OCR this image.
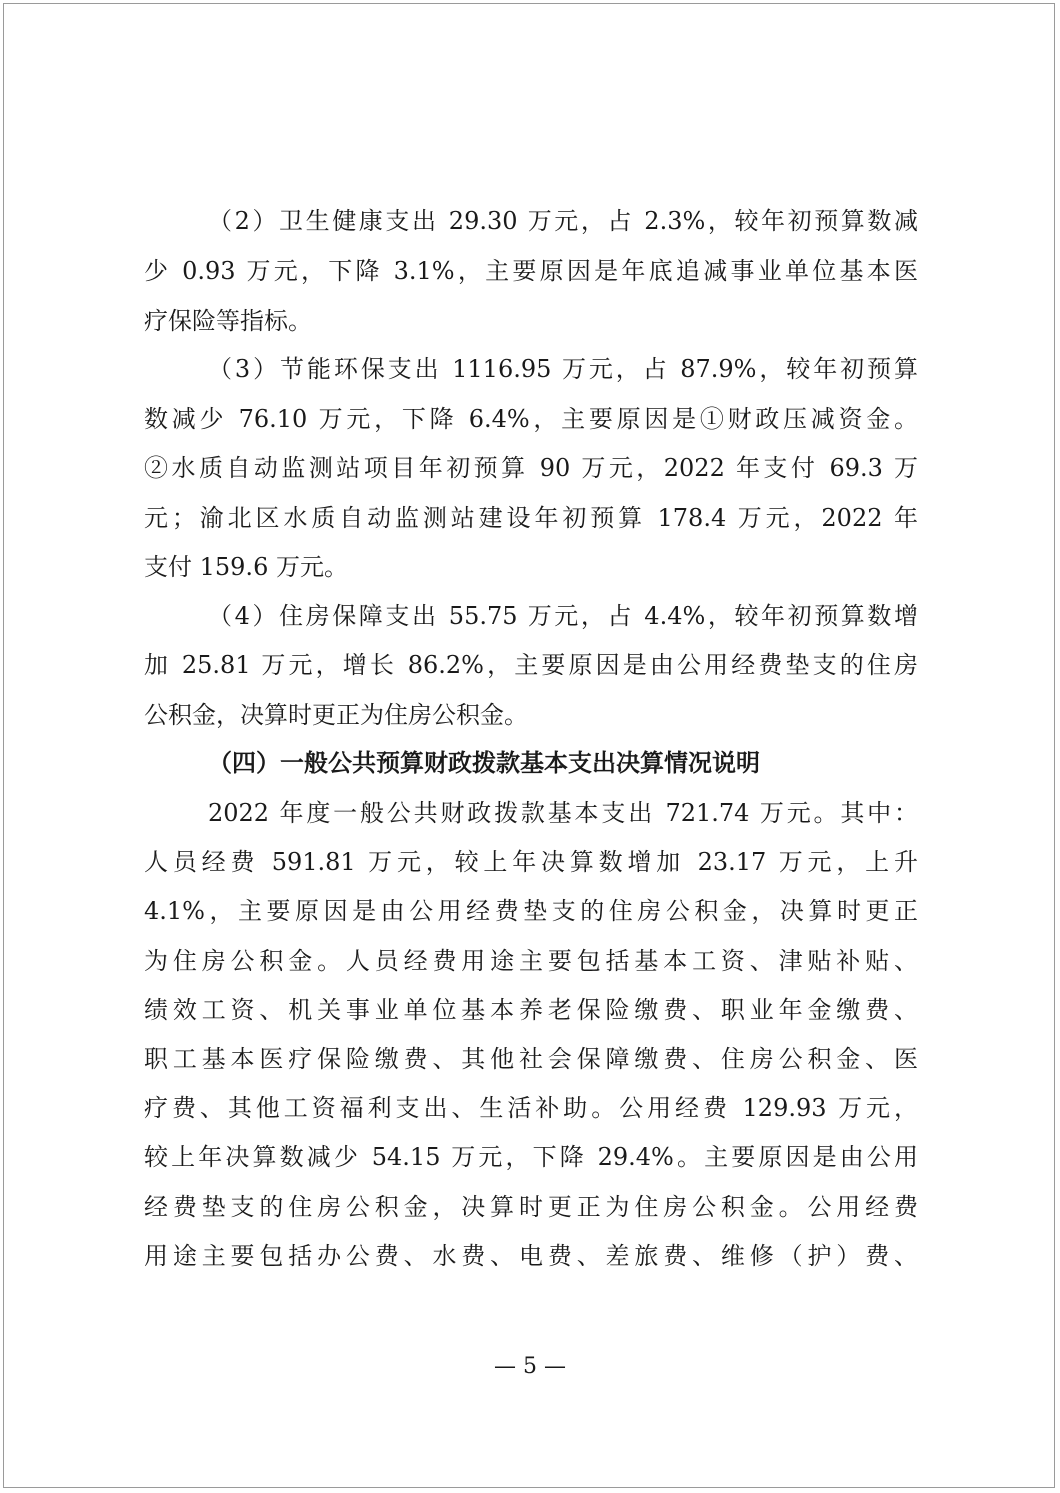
（2）卫生健康支出 29.30 万元，占 2.3%，较年初预算数减
少 0.93 万元，下降 3.1%，主要原因是年底追减事业单位基本医
疗保险等指标。
（3）节能环保支出 1116.95 万元，占 87.9%，较年初预算
数减少 76.10 万元，下降 6.4%，主要原因是①财政压减资金。
②水质自动监测站项目年初预算 90 万元，2022 年支付 69.3 万
元；渝北区水质自动监测站建设年初预算 178.4 万元，2022 年
支付 159.6 万元。
（4）住房保障支出 55.75 万元，占 4.4%，较年初预算数增
加 25.81 万元，增长 86.2%，主要原因是由公用经费垫支的住房
公积金，决算时更正为住房公积金。
（四）一般公共预算财政拨款基本支出决算情况说明
2022 年度一般公共财政拨款基本支出 721.74 万元。其中：
人员经费 591.81 万元，较上年决算数增加 23.17 万元，上升
4.1%，主要原因是由公用经费垫支的住房公积金，决算时更正
为住房公积金。人员经费用途主要包括基本工资、津贴补贴、
绩效工资、机关事业单位基本养老保险缴费、职业年金缴费、
职工基本医疗保险缴费、其他社会保障缴费、住房公积金、医
疗费、其他工资福利支出、生活补助。公用经费 129.93 万元，
较上年决算数减少 54.15 万元，下降 29.4%。主要原因是由公用
经费垫支的住房公积金，决算时更正为住房公积金。公用经费
用途主要包括办公费、水费、电费、差旅费、维修（护）费、
— 5 —
